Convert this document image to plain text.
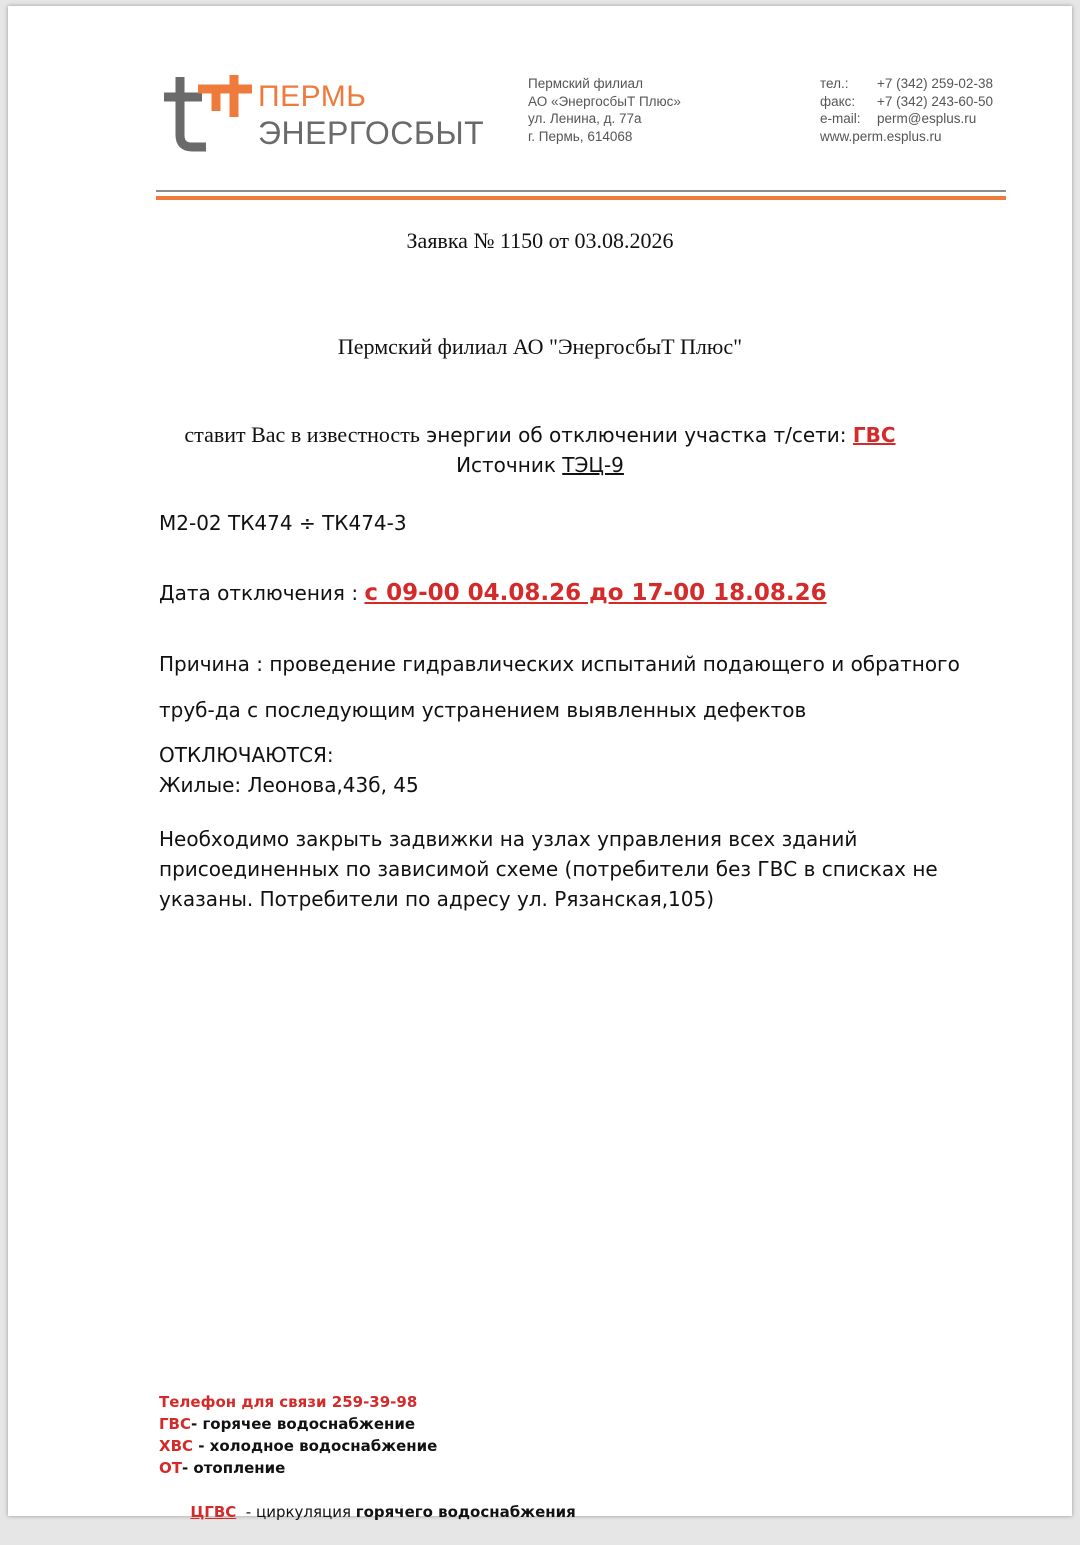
ПЕРМЬ
ЭНЕРГОСБЫТ
Пермский филиал
АО «ЭнергосбыТ Плюс»
ул. Ленина, д. 77а
г. Пермь, 614068
тел.: +7 (342) 259-02-38
факс: +7 (342) 243-60-50
e-mail: perm@esplus.ru
www.perm.esplus.ru
Заявка № 1150 от 03.08.2026
Пермский филиал АО "ЭнергосбыТ Плюс"
ставит Вас в известность энергии об отключении участка т/сети: ГВС
Источник ТЭЦ-9
М2-02 ТК474 ÷ ТК474-3
Дата отключения : с 09-00 04.08.26 до 17-00 18.08.26
Причина : проведение гидравлических испытаний подающего и обратного
труб-да с последующим устранением выявленных дефектов
ОТКЛЮЧАЮТСЯ:
Жилые: Леонова,43б, 45
Необходимо закрыть задвижки на узлах управления всех зданий
присоединенных по зависимой схеме (потребители без ГВС в списках не
указаны. Потребители по адресу ул. Рязанская,105)
Телефон для связи 259-39-98
ГВС- горячее водоснабжение
ХВС - холодное водоснабжение
ОТ- отопление

ЦГВС  - циркуляция горячего водоснабжения
